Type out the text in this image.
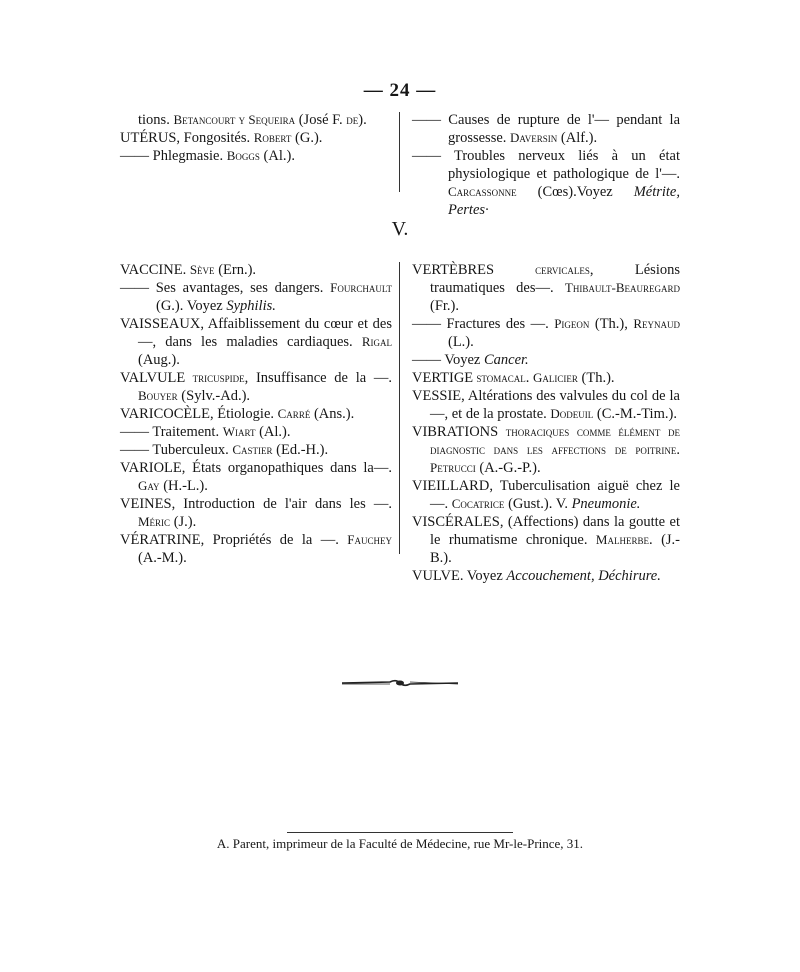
— 24 —
tions. Betancourt y Sequeira (José F. de).
UTÉRUS, Fongosités. Robert (G.).
—— Phlegmasie. Boggs (Al.).
—— Causes de rupture de l'— pendant la grossesse. Daversin (Alf.).
—— Troubles nerveux liés à un état physiologique et pathologique de l'—. Carcassonne (Cœs).Voyez Métrite, Pertes·
V.
VACCINE. Sève (Ern.).
—— Ses avantages, ses dangers. Fourchault (G.). Voyez Syphilis.
VAISSEAUX, Affaiblissement du cœur et des —, dans les maladies cardiaques. Rigal (Aug.).
VALVULE tricuspide, Insuffisance de la —. Bouyer (Sylv.-Ad.).
VARICOCÈLE, Étiologie. Carré (Ans.).
—— Traitement. Wiart (Al.).
—— Tuberculeux. Castier (Ed.-H.).
VARIOLE, États organopathiques dans la—. Gay (H.-L.).
VEINES, Introduction de l'air dans les —. Méric (J.).
VÉRATRINE, Propriétés de la —. Fauchey (A.-M.).
VERTÈBRES cervicales, Lésions traumatiques des—. Thibault-Beauregard (Fr.).
—— Fractures des —. Pigeon (Th.), Reynaud (L.).
—— Voyez Cancer.
VERTIGE stomacal. Galicier (Th.).
VESSIE, Altérations des valvules du col de la —, et de la prostate. Dodeuil (C.-M.-Tim.).
VIBRATIONS thoraciques comme élément de diagnostic dans les affections de poitrine. Petrucci (A.-G.-P.).
VIEILLARD, Tuberculisation aiguë chez le—. Cocatrice (Gust.). V. Pneumonie.
VISCÉRALES, (Affections) dans la goutte et le rhumatisme chronique. Malherbe. (J.-B.).
VULVE. Voyez Accouchement, Déchirure.
A. Parent, imprimeur de la Faculté de Médecine, rue Mr-le-Prince, 31.
